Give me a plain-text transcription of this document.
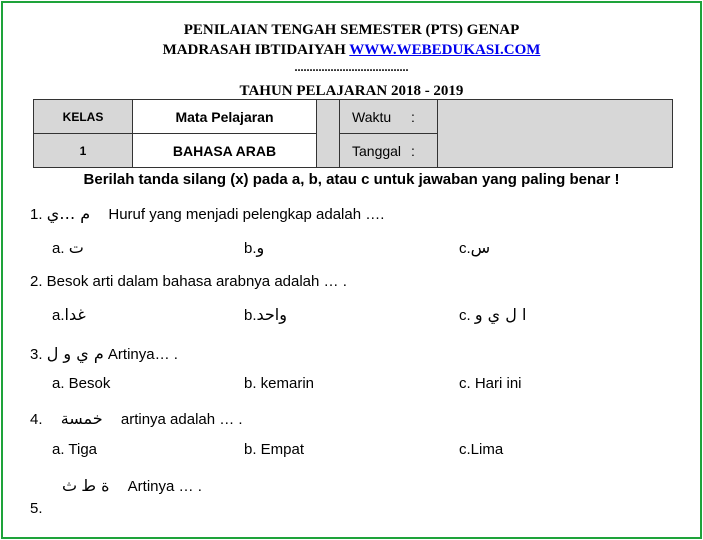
PENILAIAN TENGAH SEMESTER (PTS) GENAP
MADRASAH IBTIDAIYAH WWW.WEBEDUKASI.COM
......................................
TAHUN PELAJARAN 2018 - 2019
KELAS	Mata Pelajaran		Waktu :	
1	BAHASA ARAB		Tanggal :	
Berilah tanda silang (x) pada a, b, atau c untuk jawaban yang paling benar !
1. م …ي Huruf yang menjadi pelengkap adalah ….
a. ت	b.و	c.س
2. Besok arti dalam bahasa arabnya adalah … .
a.غدا	b.واحد	c. ا ل ي و
3. م ي و ل Artinya… .
a. Besok	b. kemarin	c. Hari ini
4. خمسة artinya adalah … .
a. Tiga	b. Empat	c.Lima
ة ط ث	Artinya … .
5.
